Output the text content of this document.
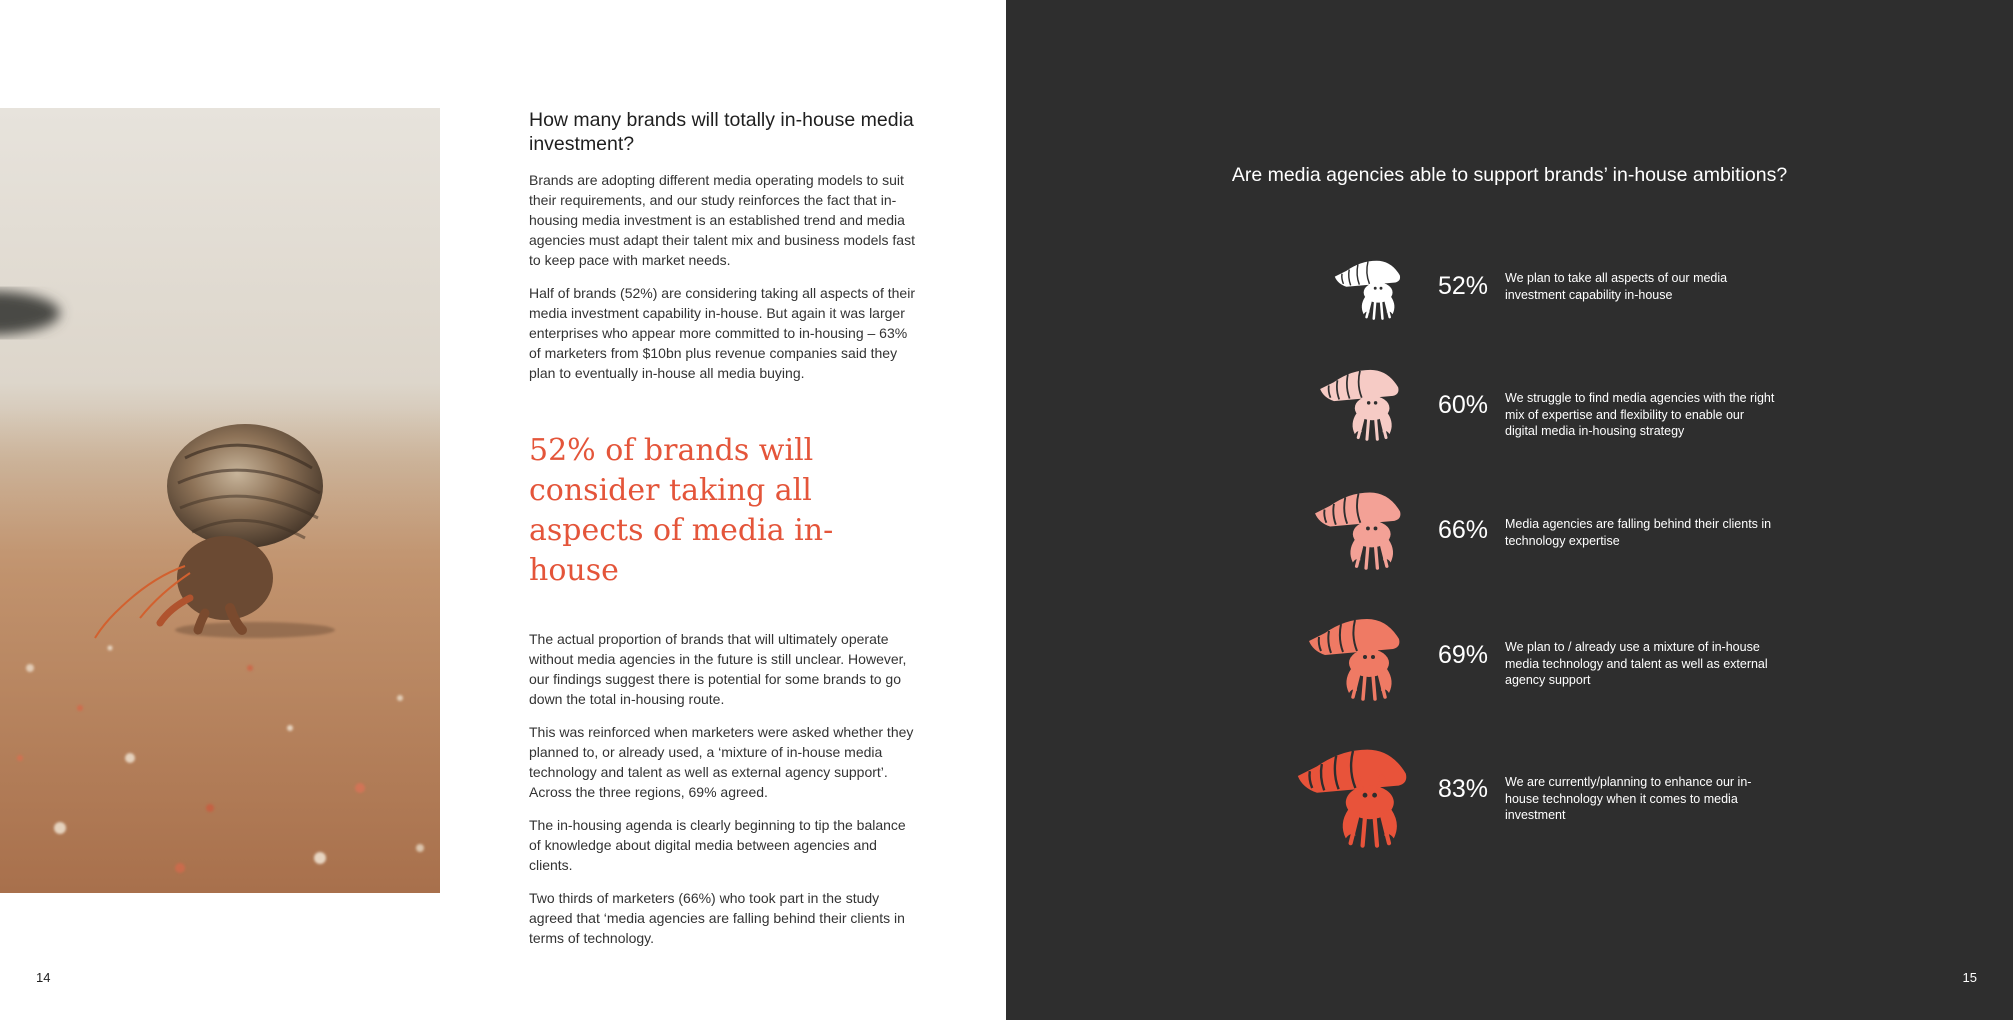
How many brands will totally in-house media investment?

Brands are adopting different media operating models to suit their requirements, and our study reinforces the fact that in-housing media investment is an established trend and media agencies must adapt their talent mix and business models fast to keep pace with market needs.

Half of brands (52%) are considering taking all aspects of their media investment capability in-house. But again it was larger enterprises who appear more committed to in-housing – 63% of marketers from $10bn plus revenue companies said they plan to eventually in-house all media buying.

52% of brands will consider taking all aspects of media in-house

The actual proportion of brands that will ultimately operate without media agencies in the future is still unclear. However, our findings suggest there is potential for some brands to go down the total in-housing route.

This was reinforced when marketers were asked whether they planned to, or already used, a ‘mixture of in-house media technology and talent as well as external agency support’. Across the three regions, 69% agreed.

The in-housing agenda is clearly beginning to tip the balance of knowledge about digital media between agencies and clients.

Two thirds of marketers (66%) who took part in the study agreed that ‘media agencies are falling behind their clients in terms of technology.

14
Are media agencies able to support brands’ in-house ambitions?
52% We plan to take all aspects of our media investment capability in-house
60% We struggle to find media agencies with the right mix of expertise and flexibility to enable our digital media in-housing strategy
66% Media agencies are falling behind their clients in technology expertise
69% We plan to / already use a mixture of in-house media technology and talent as well as external agency support
83% We are currently/planning to enhance our in-house technology when it comes to media investment
15
